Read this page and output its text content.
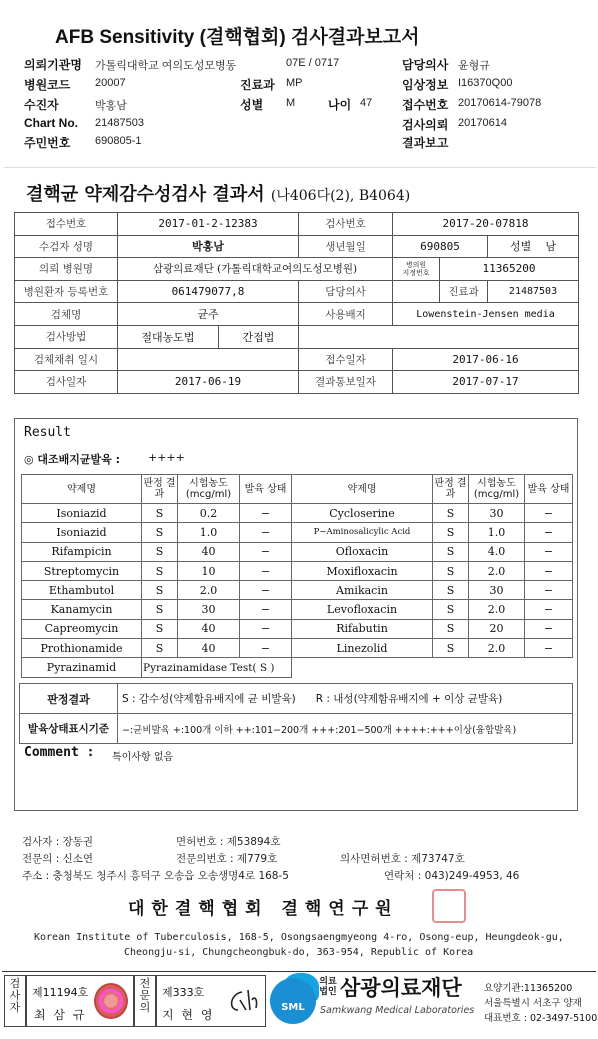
AFB Sensitivity (결핵협회) 검사결과보고서
의뢰기관명 가톨릭대학교 여의도성모병동	07E / 0717	담당의사 윤형규
병원코드 20007	진료과 MP	임상정보 I16370Q00
수진자	박홍남	성별 M	나이 47 접수번호 20170614-79078
Chart No. 21487503	검사의뢰 20170614
주민번호 690805-1	결과보고
결핵균 약제감수성검사 결과서 (나406다(2), B4064)
접수번호	2017-01-2-12383		검사번호	2017-20-07818		
수검자 성명	박홍남		생년월일	690805		성별 남
의뢰 병원명	삼광의료재단 (가톨릭대학교여의도성모병원)			병의원
지정번호	11365200	
병원환자 등록번호	061479077,8		담당의사		진료과	21487503
검체명	균주		사용배지	Lowenstein-Jensen media		
검사방법	절대농도법	간접법				
검체채취 일시			접수일자	2017-06-16		
검사일자	2017-06-19		결과통보일자	2017-07-17		
Result
◎ 대조배지균발육 :	++++
약제명	판정 결과	시험농도 (mcg/ml)	발육 상태	약제명	판정 결과	시험농도 (mcg/ml)	발육 상태
Isoniazid	S	0.2	−	Cycloserine	S	30	−
Isoniazid	S	1.0	−	P−Aminosalicylic Acid	S	1.0	−
Rifampicin	S	40	−	Ofloxacin	S	4.0	−
Streptomycin	S	10	−	Moxifloxacin	S	2.0	−
Ethambutol	S	2.0	−	Amikacin	S	30	−
Kanamycin	S	30	−	Levofloxacin	S	2.0	−
Capreomycin	S	40	−	Rifabutin	S	20	−
Prothionamide	S	40	−	Linezolid	S	2.0	−
Pyrazinamid	Pyrazinamidase Test( S )						
판정결과	S : 감수성(약제함유배지에 균 비발육) R : 내성(약제함유배지에 + 이상 균발육)
발육상태표시기준	−:균비발육 +:100개 이하 ++:101−200개 +++:201−500개 ++++:+++이상(융합발육)
Comment : 특이사항 없음
검사자 : 장동권	면허번호 : 제53894호
전문의 : 신소연	전문의번호 : 제779호	의사면허번호 : 제73747호
주소 : 충청북도 청주시 흥덕구 오송읍 오송생명4로 168-5	연락처 : 043)249-4953, 46
대한결핵협회 결핵연구원
Korean Institute of Tuberculosis, 168-5, Osongsaengmyeong 4-ro, Osong-eup, Heungdeok-gu,
Cheongju-si, Chungcheongbuk-do, 363-954, Republic of Korea
검
사
자
제11194호
최 삼 규
전
문
의
제333호
지 현 영
SML
의료법인 삼광의료재단
Samkwang Medical Laboratories
요양기관:11365200
서울특별시 서초구 양재
대표번호 : 02-3497-5100
